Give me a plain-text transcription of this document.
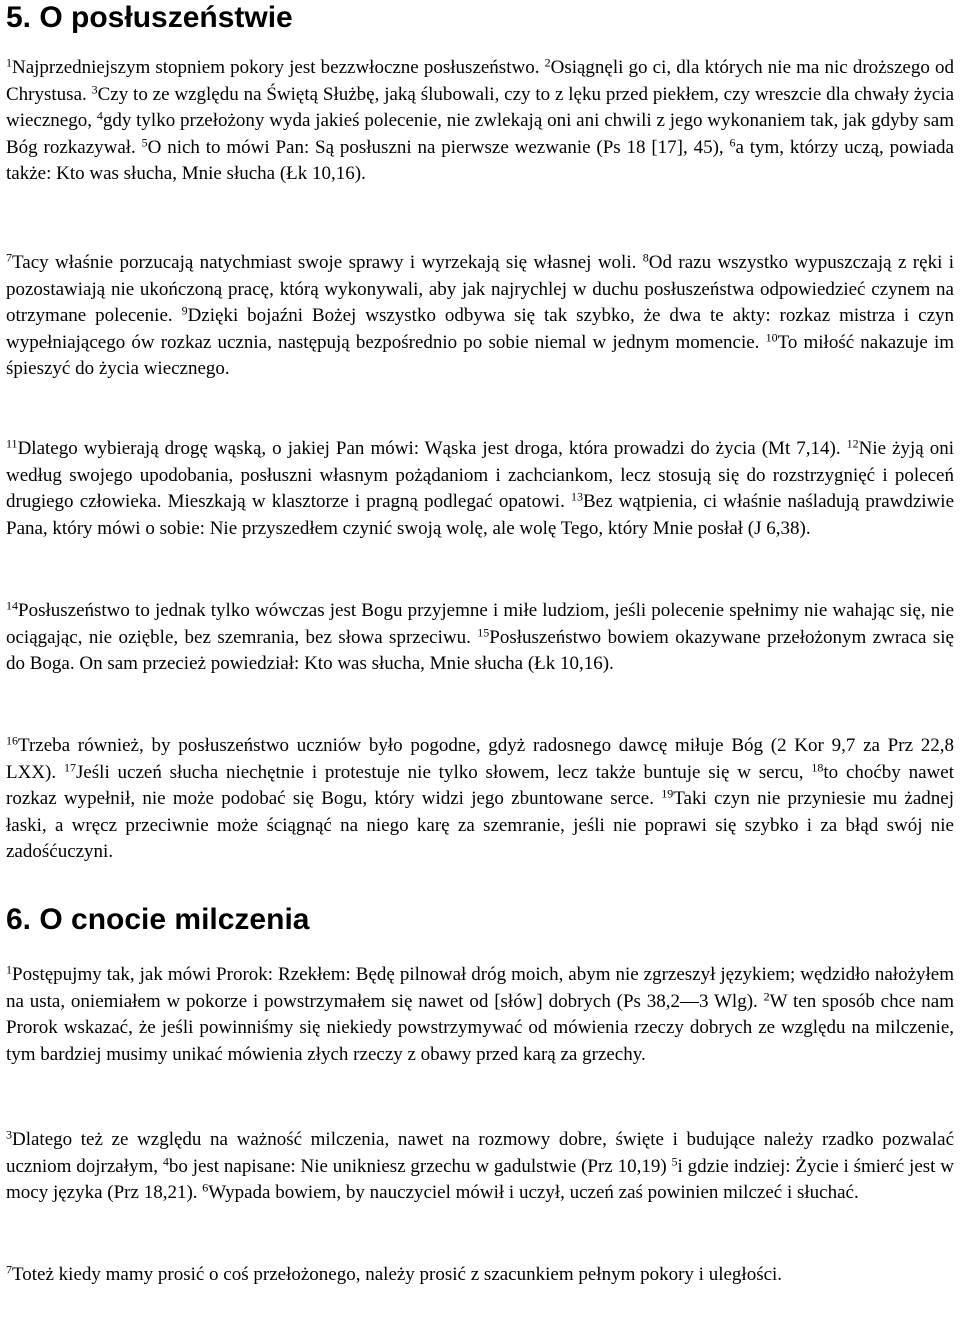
5. O posłuszeństwie

$^1$Najprzedniejszym stopniem pokory jest bezzwłoczne posłuszeństwo. $^2$Osiągnęli go ci, dla których nie ma nic droższego od Chrystusa. $^3$Czy to ze względu na Świętą Służbę, jaką ślubowali, czy to z lęku przed piekłem, czy wreszcie dla chwały życia wiecznego, $^4$gdy tylko przełożony wyda jakieś polecenie, nie zwlekają oni ani chwili z jego wykonaniem tak, jak gdyby sam Bóg rozkazywał. $^5$O nich to mówi Pan: Są posłuszni na pierwsze wezwanie (Ps 18 [17], 45), $^6$a tym, którzy uczą, powiada także: Kto was słucha, Mnie słucha (Łk 10,16).

$^7$Tacy właśnie porzucają natychmiast swoje sprawy i wyrzekają się własnej woli. $^8$Od razu wszystko wypuszczają z ręki i pozostawiają nie ukończoną pracę, którą wykonywali, aby jak najrychlej w duchu posłuszeństwa odpowiedzieć czynem na otrzymane polecenie. $^9$Dzięki bojaźni Bożej wszystko odbywa się tak szybko, że dwa te akty: rozkaz mistrza i czyn wypełniającego ów rozkaz ucznia, następują bezpośrednio po sobie niemal w jednym momencie. $^{10}$To miłość nakazuje im śpieszyć do życia wiecznego.

$^{11}$Dlatego wybierają drogę wąską, o jakiej Pan mówi: Wąska jest droga, która prowadzi do życia (Mt 7,14). $^{12}$Nie żyją oni według swojego upodobania, posłuszni własnym pożądaniom i zachciankom, lecz stosują się do rozstrzygnięć i poleceń drugiego człowieka. Mieszkają w klasztorze i pragną podlegać opatowi. $^{13}$Bez wątpienia, ci właśnie naśladują prawdziwie Pana, który mówi o sobie: Nie przyszedłem czynić swoją wolę, ale wolę Tego, który Mnie posłał (J 6,38).

$^{14}$Posłuszeństwo to jednak tylko wówczas jest Bogu przyjemne i miłe ludziom, jeśli polecenie spełnimy nie wahając się, nie ociągając, nie ozięble, bez szemrania, bez słowa sprzeciwu. $^{15}$Posłuszeństwo bowiem okazywane przełożonym zwraca się do Boga. On sam przecież powiedział: Kto was słucha, Mnie słucha (Łk 10,16).

$^{16}$Trzeba również, by posłuszeństwo uczniów było pogodne, gdyż radosnego dawcę miłuje Bóg (2 Kor 9,7 za Prz 22,8 LXX). $^{17}$Jeśli uczeń słucha niechętnie i protestuje nie tylko słowem, lecz także buntuje się w sercu, $^{18}$to choćby nawet rozkaz wypełnił, nie może podobać się Bogu, który widzi jego zbuntowane serce. $^{19}$Taki czyn nie przyniesie mu żadnej łaski, a wręcz przeciwnie może ściągnąć na niego karę za szemranie, jeśli nie poprawi się szybko i za błąd swój nie zadośćuczyni.

6. O cnocie milczenia

$^1$Postępujmy tak, jak mówi Prorok: Rzekłem: Będę pilnował dróg moich, abym nie zgrzeszył językiem; wędzidło nałożyłem na usta, oniemiałem w pokorze i powstrzymałem się nawet od [słów] dobrych (Ps 38,2—3 Wlg). $^2$W ten sposób chce nam Prorok wskazać, że jeśli powinniśmy się niekiedy powstrzymywać od mówienia rzeczy dobrych ze względu na milczenie, tym bardziej musimy unikać mówienia złych rzeczy z obawy przed karą za grzechy.

$^3$Dlatego też ze względu na ważność milczenia, nawet na rozmowy dobre, święte i budujące należy rzadko pozwalać uczniom dojrzałym, $^4$bo jest napisane: Nie unikniesz grzechu w gadulstwie (Prz 10,19) $^5$i gdzie indziej: Życie i śmierć jest w mocy języka (Prz 18,21). $^6$Wypada bowiem, by nauczyciel mówił i uczył, uczeń zaś powinien milczeć i słuchać.

$^7$Toteż kiedy mamy prosić o coś przełożonego, należy prosić z szacunkiem pełnym pokory i uległości.
